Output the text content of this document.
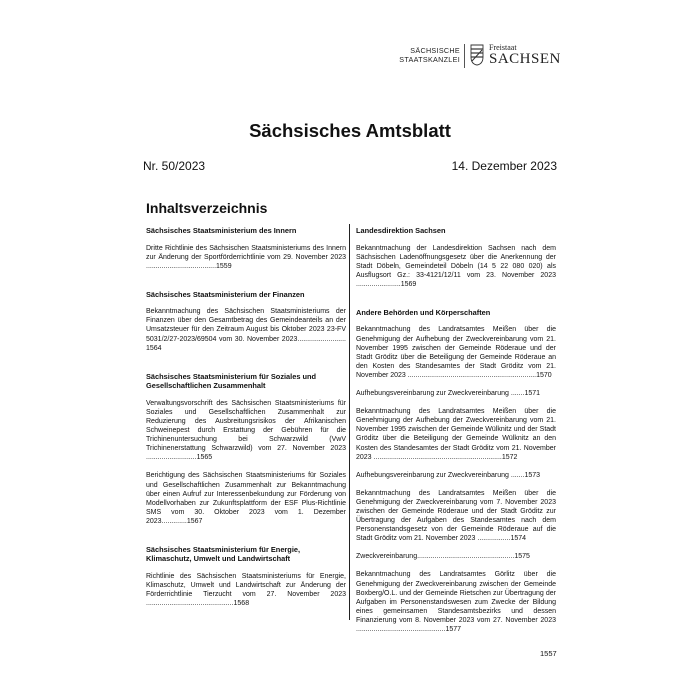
SÄCHSISCHE
STAATSKANZLEI
Freistaat
SACHSEN
Sächsisches Amtsblatt
Nr. 50/2023	14. Dezember 2023
Inhaltsverzeichnis
Sächsisches Staatsministerium des Innern
Dritte Richtlinie des Sächsischen Staatsministeriums des Innern zur Änderung der Sportförderrichtlinie vom 29. November 2023 ....................................1559
Sächsisches Staatsministerium der Finanzen
Bekanntmachung des Sächsischen Staatsministeriums der Finanzen über den Gesamtbetrag des Gemeindeanteils an der Umsatzsteuer für den Zeitraum August bis Oktober 2023 23-FV 5031/2/27-2023/69504 vom 30. November 2023......................... 1564
Sächsisches Staatsministerium für Soziales und Gesellschaftlichen Zusammenhalt
Verwaltungsvorschrift des Sächsischen Staatsministeriums für Soziales und Gesellschaftlichen Zusammenhalt zur Reduzierung des Ausbreitungsrisikos der Afrikanischen Schweinepest durch Erstattung der Gebühren für die Trichinenuntersuchung bei Schwarzwild (VwV Trichinenerstattung Schwarzwild) vom 27. November 2023 ..........................1565
Berichtigung des Sächsischen Staatsministeriums für Soziales und Gesellschaftlichen Zusammenhalt zur Bekanntmachung über einen Aufruf zur Interessenbekundung zur Förderung von Modellvorhaben zur Zukunftsplattform der ESF Plus-Richtlinie SMS vom 30. Oktober 2023 vom 1. Dezember 2023.............1567
Sächsisches Staatsministerium für Energie, Klimaschutz, Umwelt und Landwirtschaft
Richtlinie des Sächsischen Staatsministeriums für Energie, Klimaschutz, Umwelt und Landwirtschaft zur Änderung der Förderrichtlinie Tierzucht vom 27. November 2023 .............................................1568
Landesdirektion Sachsen
Bekanntmachung der Landesdirektion Sachsen nach dem Sächsischen Ladenöffnungsgesetz über die Anerkennung der Stadt Döbeln, Gemeindeteil Döbeln (14 5 22 080 020) als Ausflugsort Gz.: 33-4121/12/11 vom 23. November 2023 .......................1569
Andere Behörden und Körperschaften
Bekanntmachung des Landratsamtes Meißen über die Genehmigung der Aufhebung der Zweckvereinbarung vom 21. November 1995 zwischen der Gemeinde Röderaue und der Stadt Gröditz über die Beteiligung der Gemeinde Röderaue an den Kosten des Standesamtes der Stadt Gröditz vom 21. November 2023 ..................................................................1570
Aufhebungsvereinbarung zur Zweckvereinbarung .......1571
Bekanntmachung des Landratsamtes Meißen über die Genehmigung der Aufhebung der Zweckvereinbarung vom 21. November 1995 zwischen der Gemeinde Wülknitz und der Stadt Gröditz über die Beteiligung der Gemeinde Wülknitz an den Kosten des Standesamtes der Stadt Gröditz vom 21. November 2023 ..................................................................1572
Aufhebungsvereinbarung zur Zweckvereinbarung .......1573
Bekanntmachung des Landratsamtes Meißen über die Genehmigung der Zweckvereinbarung vom 7. November 2023 zwischen der Gemeinde Röderaue und der Stadt Gröditz zur Übertragung der Aufgaben des Standesamtes nach dem Personenstandsgesetz von der Gemeinde Röderaue auf die Stadt Gröditz vom 21. November 2023 .................1574
Zweckvereinbarung..................................................1575
Bekanntmachung des Landratsamtes Görlitz über die Genehmigung der Zweckvereinbarung zwischen der Gemeinde Boxberg/O.L. und der Gemeinde Rietschen zur Übertragung der Aufgaben im Personenstandswesen zum Zwecke der Bildung eines gemeinsamen Standesamtsbezirks und dessen Finanzierung vom 8. November 2023 vom 27. November 2023 ..............................................1577
1557
